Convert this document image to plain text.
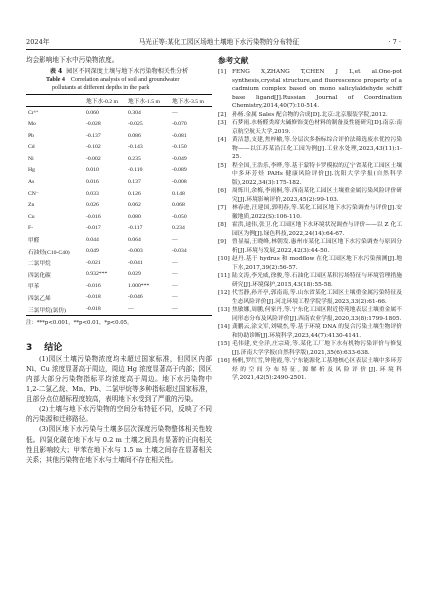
2024年	马光正等:某化工园区场地土壤地下水污染物的分布特征	· 7 ·
均会影响地下水中污染物浓度。
表 4 园区不同深度土壤与地下水污染物相关性分析
Table 4 Correlation analysis of soil and groundwater
pollutants at different depths in the park
	地下水-0.2 m	地下水-1.5 m	地下水-3.5 m
Cr⁶⁺	0.060	0.304	—
Mo	-0.028	-0.025	-0.070
Pb	-0.137	0.086	-0.081
Cd	-0.102	-0.143	-0.150
Ni	-0.002	0.235	-0.049
Hg	0.010	-0.110	-0.089
As	0.016	0.137	-0.008
CN⁻	0.033	0.126	0.148
Zn	0.026	0.062	0.068
Cu	-0.016	0.080	-0.050
F-	-0.017	-0.117	0.234
甲醛	0.044	0.064	—
石油烃(C10-C40)	0.049	-0.003	-0.034
二氯甲烷	-0.021	-0.041	—
四氯化碳	0.932***	0.029	—
甲苯	-0.016	1.000***	—
四氯乙烯	-0.018	-0.046	—
三氯甲烷(氯仿)	-0.018	—	—
注：***p<0.001，**p<0.01，*p<0.05。
3 结论

(1)园区土壤污染物浓度均未超过国家标准，但园区内部 Ni、Cu 浓度显著高于周边，周边 Hg 浓度显著高于内部；园区内部大部分污染物指标平均浓度高于周边。地下水污染物中 1,2-二氯乙烷、Mn、Pb、二氯甲烷等多种指标超过国家标准，且部分点位超标程度较高，表明地下水受到了严重的污染。

(2)土壤与地下水污染物的空间分布特征不同，反映了不同的污染源和迁移路径。

(3)园区地下水污染与土壤多层次深度污染物整体相关性较低。四氯化碳在地下水与 0.2 m 土壤之间具有显著的正向相关性且影响较大；甲苯在地下水与 1.5 m 土壤之间存在显著相关关系；其他污染物在地下水与土壤间不存在相关性。

参考文献

[1] FENG X,ZHANG T,CHEN J L,et al.One-pot synthesis,crystal structure,and fluorescence property of a cadmium complex based on mono salicylaldehyde schiff base ligand[J].Russian Journal of Coordination Chemistry,2014,40(7):10-514.

[2] 孙杨.金属 Sales 配合物的合成[D].北京:北京服装学院,2012.

[3] 石梦雨.水杨醛类席夫碱修饰变色材料的制备及性能研究[D].南京:南京航空航天大学,2019.

[4] 黄洁慧,支建,焦梓榆,等.分层次多指标综合评价法筛选废水优控污染物——以江苏某沿江化工园为例[J].工业水处理,2023,43(11):1-25.

[5] 程全国,王浩乐,李晔,等.基于蒙特卡罗模拟的辽宁省某化工园区土壤中多环芳烃 PAHs 健康风险评价[J].沈阳大学学报(自然科学版),2022,34(3):175-182.

[6] 周炼川,余梅,李雨桐,等.西南某化工园区土壤重金属污染风险评价研究[J].环境影响评价,2023,45(2):99-103.

[7] 林春进,汪建国,郭明春,等.某化工园区地下水污染调查与评价[J].安徽地质,2022(S):106-110.

[8] 霍洪,逯伟,张卫.化工园区地下水环境状况调查与评价——以 Z 化工园区为例[J].绿色科技,2022,24(14):64-67.

[9] 曾显福,王晓峰,林朝发.惠州市某化工园区地下水污染调查与原因分析[J].环境与发展,2022,42(3):44-50.

[10] 赵丹.基于 hydrus 和 modflow 在化工园区地下水污染预测[J].地下水,2017,39(2):56-57.

[11] 陆文涛,李光威,徐骏,等.石油化工园区某积污场特征与环境管理措施研究[J].环境保护,2015,43(18):55-58.

[12] 代雪静,孙开亭,郭南南,等.山东省某化工园区土壤重金属污染特征及生态风险评价[J].河北环境工程学院学报,2023,33(2):61-66.

[13] 焦敏娜,周鹏,何家丹,等.宁东化工园区附近傍苑地表层土壤重金属不同形态分布及风险评价[J].西南农业学报,2020,33(8):1799-1805.

[14] 龚鹏云,涂文军,刘啸杰,等.基于环境 DNA 的复合污染土壤生物评价和协助诊断[J].环境科学,2023,44(7):4130-4141.

[15] 毛伟建,史全洋,庄宗琦,等.某化工厂地下水有机物污染评价与修复[J].济南大学学报(自然科学版),2021,35(6):633-638.

[16] 杨帆,罗红雪,钟艳霞,等.宁东能源化工基地核心区表层土壤中多环芳烃的空间分布特征,源解析及风险评价[J].环境科学,2021,42(5):2490-2501.
